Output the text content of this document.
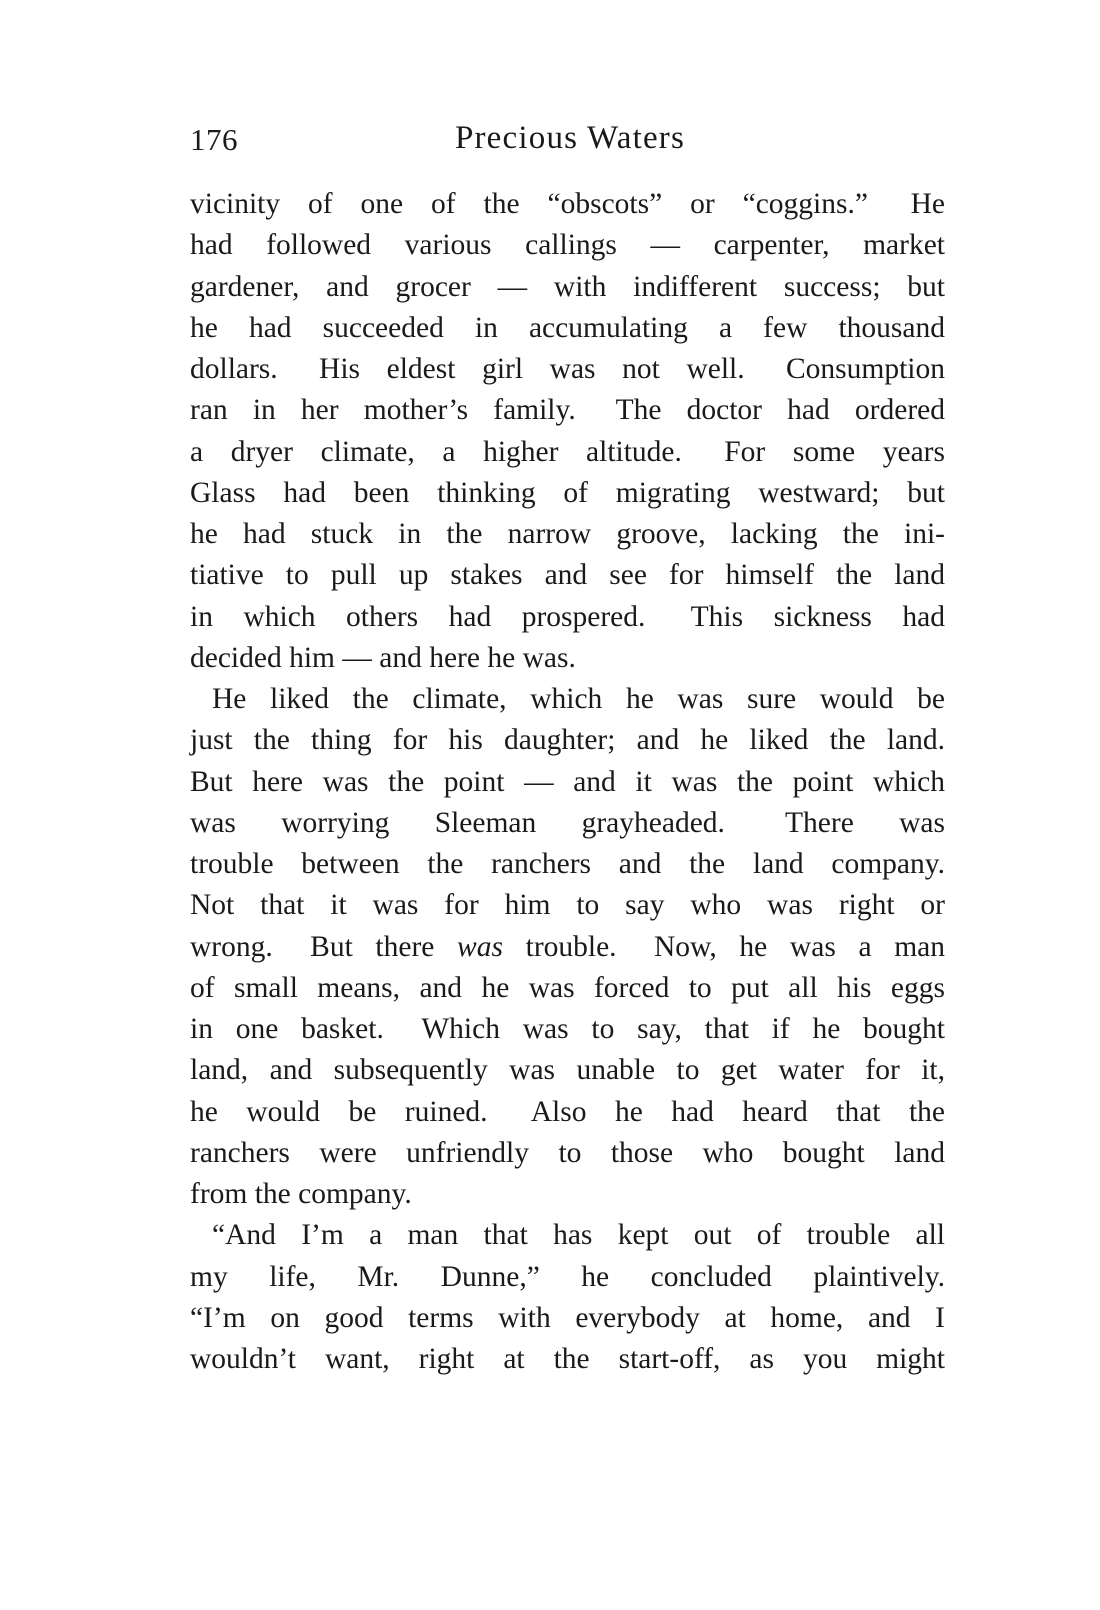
176	Precious Waters
vicinity of one of the “obscots” or “coggins.”  He
had followed various callings — carpenter, market
gardener, and grocer — with indifferent success; but
he had succeeded in accumulating a few thousand
dollars.  His eldest girl was not well.  Consumption
ran in her mother’s family.  The doctor had ordered
a dryer climate, a higher altitude.  For some years
Glass had been thinking of migrating westward; but
he had stuck in the narrow groove, lacking the ini-
tiative to pull up stakes and see for himself the land
in which others had prospered.  This sickness had
decided him — and here he was.
He liked the climate, which he was sure would be
just the thing for his daughter; and he liked the land.
But here was the point — and it was the point which
was worrying Sleeman grayheaded.  There was
trouble between the ranchers and the land company.
Not that it was for him to say who was right or
wrong.  But there was trouble.  Now, he was a man
of small means, and he was forced to put all his eggs
in one basket.  Which was to say, that if he bought
land, and subsequently was unable to get water for it,
he would be ruined.  Also he had heard that the
ranchers were unfriendly to those who bought land
from the company.
“And I’m a man that has kept out of trouble all
my life, Mr. Dunne,” he concluded plaintively.
“I’m on good terms with everybody at home, and I
wouldn’t want, right at the start-off, as you might
